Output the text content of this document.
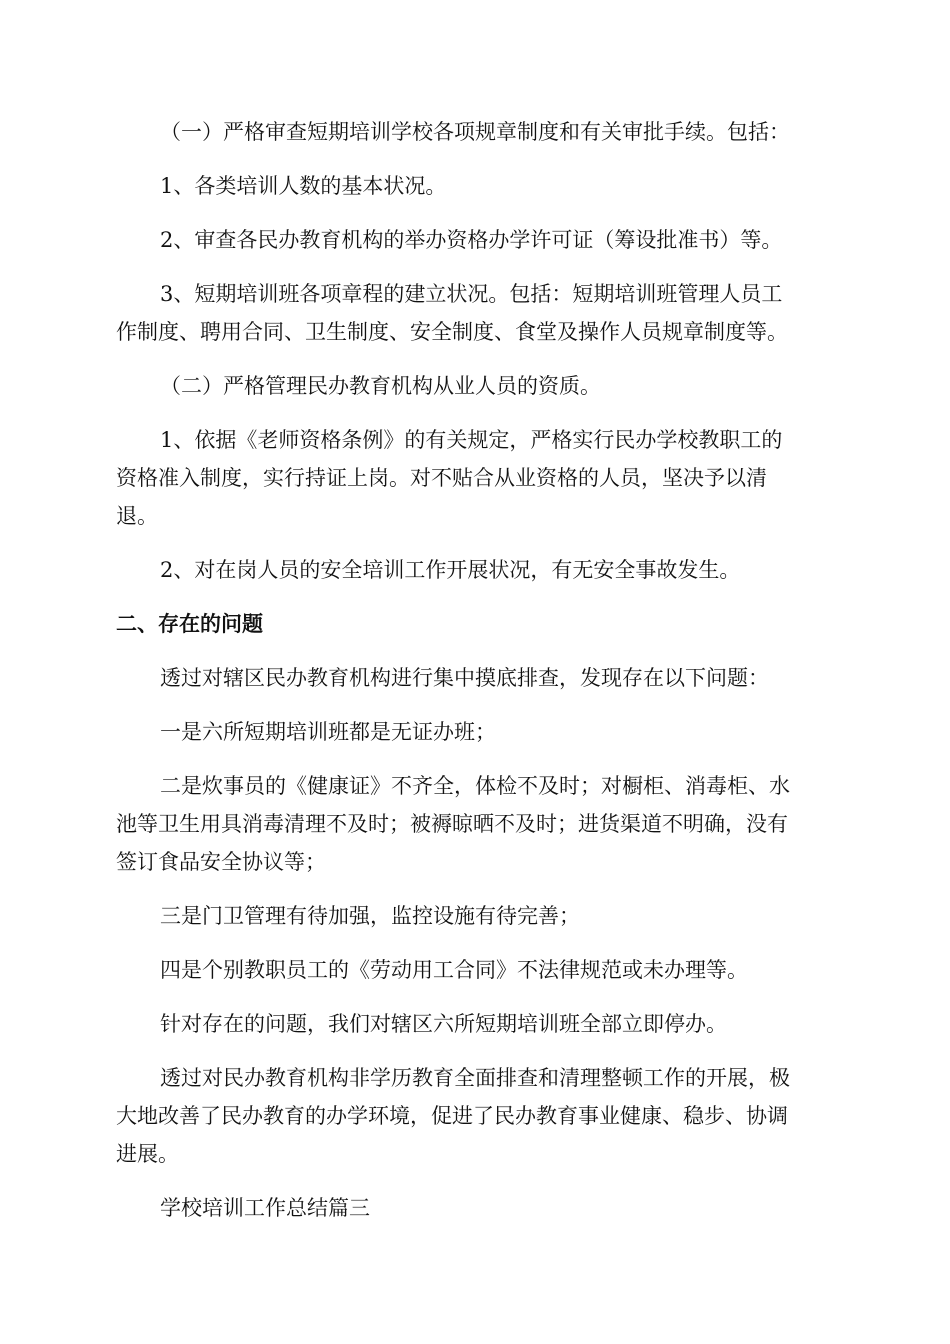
（一）严格审查短期培训学校各项规章制度和有关审批手续。包括：
1、各类培训人数的基本状况。
2、审查各民办教育机构的举办资格办学许可证（筹设批准书）等。
3、短期培训班各项章程的建立状况。包括：短期培训班管理人员工
作制度、聘用合同、卫生制度、安全制度、食堂及操作人员规章制度等。
（二）严格管理民办教育机构从业人员的资质。
1、依据《老师资格条例》的有关规定，严格实行民办学校教职工的
资格准入制度，实行持证上岗。对不贴合从业资格的人员，坚决予以清
退。
2、对在岗人员的安全培训工作开展状况，有无安全事故发生。
二、存在的问题
透过对辖区民办教育机构进行集中摸底排查，发现存在以下问题：
一是六所短期培训班都是无证办班；
二是炊事员的《健康证》不齐全，体检不及时；对橱柜、消毒柜、水
池等卫生用具消毒清理不及时；被褥晾晒不及时；进货渠道不明确，没有
签订食品安全协议等；
三是门卫管理有待加强，监控设施有待完善；
四是个别教职员工的《劳动用工合同》不法律规范或未办理等。
针对存在的问题，我们对辖区六所短期培训班全部立即停办。
透过对民办教育机构非学历教育全面排查和清理整顿工作的开展，极
大地改善了民办教育的办学环境，促进了民办教育事业健康、稳步、协调
进展。
学校培训工作总结篇三
